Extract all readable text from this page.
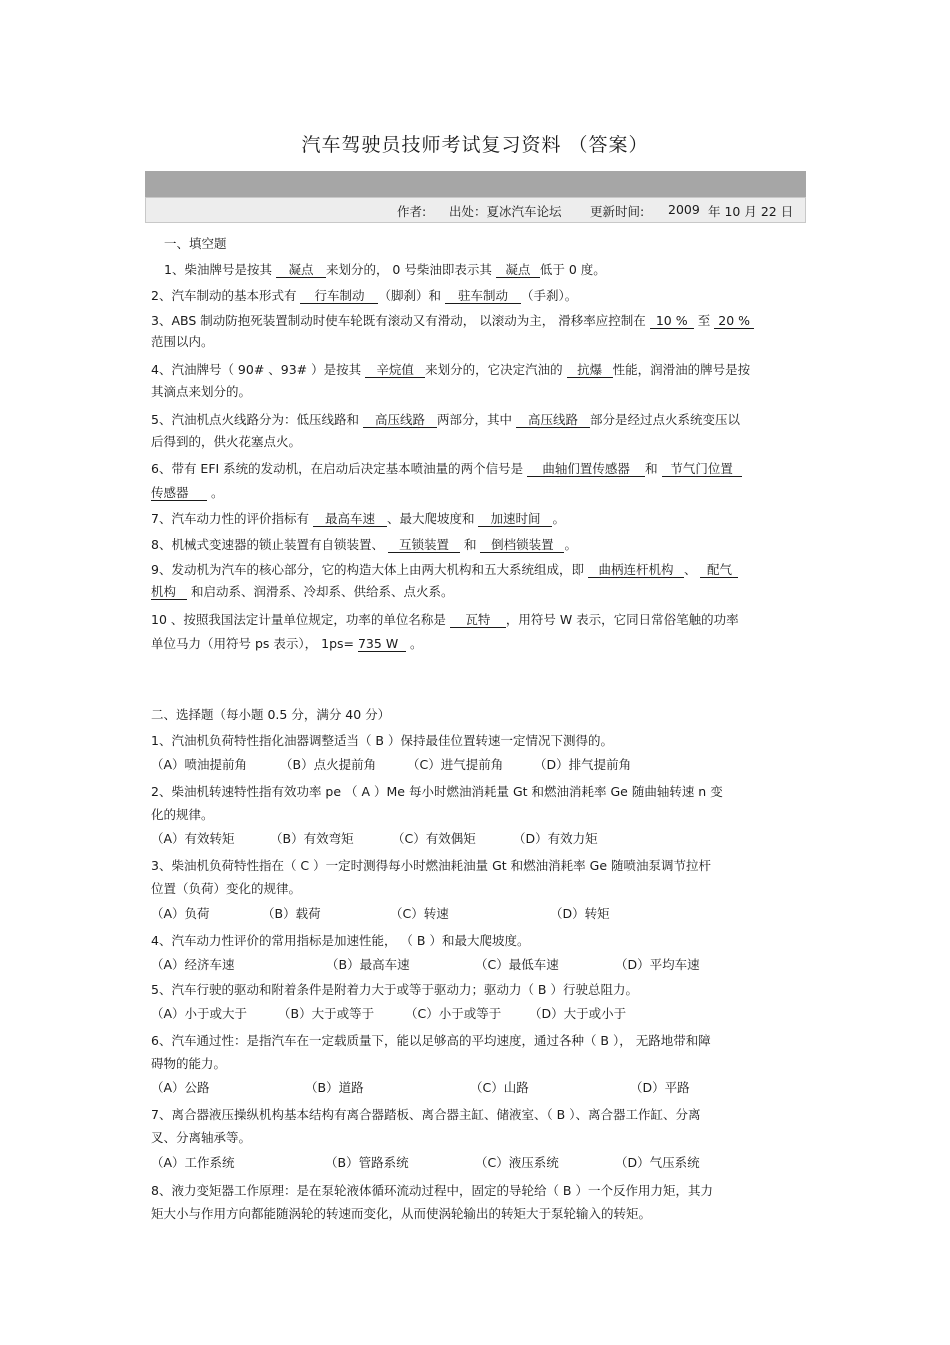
汽车驾驶员技师考试复习资料 （答案）
作者: 出处：夏冰汽车论坛 更新时间: 2009 年 10 月 22 日
一、填空题
1、柴油牌号是按其 凝点 来划分的， 0 号柴油即表示其 凝点 低于 0 度。
2、汽车制动的基本形式有 行车制动 （脚刹）和 驻车制动 （手刹）。
3、ABS 制动防抱死装置制动时使车轮既有滚动又有滑动， 以滚动为主， 滑移率应控制在 10 % 至 20 %
范围以内。
4、汽油牌号（ 90# 、93# ）是按其 辛烷值 来划分的，它决定汽油的 抗爆 性能，润滑油的牌号是按
其滴点来划分的。
5、汽油机点火线路分为：低压线路和 高压线路 两部分，其中 高压线路 部分是经过点火系统变压以
后得到的，供火花塞点火。
6、带有 EFI 系统的发动机，在启动后决定基本喷油量的两个信号是 曲轴们置传感器 和 节气门位置
传感器 。
7、汽车动力性的评价指标有 最高车速 、最大爬坡度和 加速时间 。
8、机械式变速器的锁止装置有自锁装置、 互锁装置 和 倒档锁装置 。
9、发动机为汽车的核心部分，它的构造大体上由两大机构和五大系统组成，即 曲柄连杆机构 、 配气
机构 和启动系、润滑系、冷却系、供给系、点火系。
10 、按照我国法定计量单位规定，功率的单位名称是 瓦特 ，用符号 W 表示，它同日常俗笔触的功率
单位马力（用符号 ps 表示）， 1ps= 735 W 。
二、选择题（每小题 0.5 分，满分 40 分）
1、汽油机负荷特性指化油器调整适当（ B ）保持最佳位置转速一定情况下测得的。
（A）喷油提前角	（B）点火提前角 （C）进气提前角 （D）排气提前角
2、柴油机转速特性指有效功率 pe （ A ）Me 每小时燃油消耗量 Gt 和燃油消耗率 Ge 随曲轴转速 n 变
化的规律。
（A）有效转矩	（B）有效弯矩	（C）有效偶矩	（D）有效力矩
3、柴油机负荷特性指在（ C ）一定时测得每小时燃油耗油量 Gt 和燃油消耗率 Ge 随喷油泵调节拉杆
位置（负荷）变化的规律。
（A）负荷	（B）载荷	（C）转速	（D）转矩
4、汽车动力性评价的常用指标是加速性能， （ B ）和最大爬坡度。
（A）经济车速	（B）最高车速	（C）最低车速	（D）平均车速
5、汽车行驶的驱动和附着条件是附着力大于或等于驱动力；驱动力（ B ）行驶总阻力。
（A）小于或大于 （B）大于或等于 （C）小于或等于 （D）大于或小于
6、汽车通过性：是指汽车在一定载质量下，能以足够高的平均速度，通过各种（ B ）， 无路地带和障
碍物的能力。
（A）公路	（B）道路	（C）山路	（D）平路
7、离合器液压操纵机构基本结构有离合器踏板、离合器主缸、储液室、（ B ）、离合器工作缸、分离
叉、分离轴承等。
（A）工作系统	（B）管路系统	（C）液压系统	（D）气压系统
8、液力变矩器工作原理：是在泵轮液体循环流动过程中，固定的导轮给（ B ）一个反作用力矩，其力
矩大小与作用方向都能随涡轮的转速而变化，从而使涡轮输出的转矩大于泵轮输入的转矩。
